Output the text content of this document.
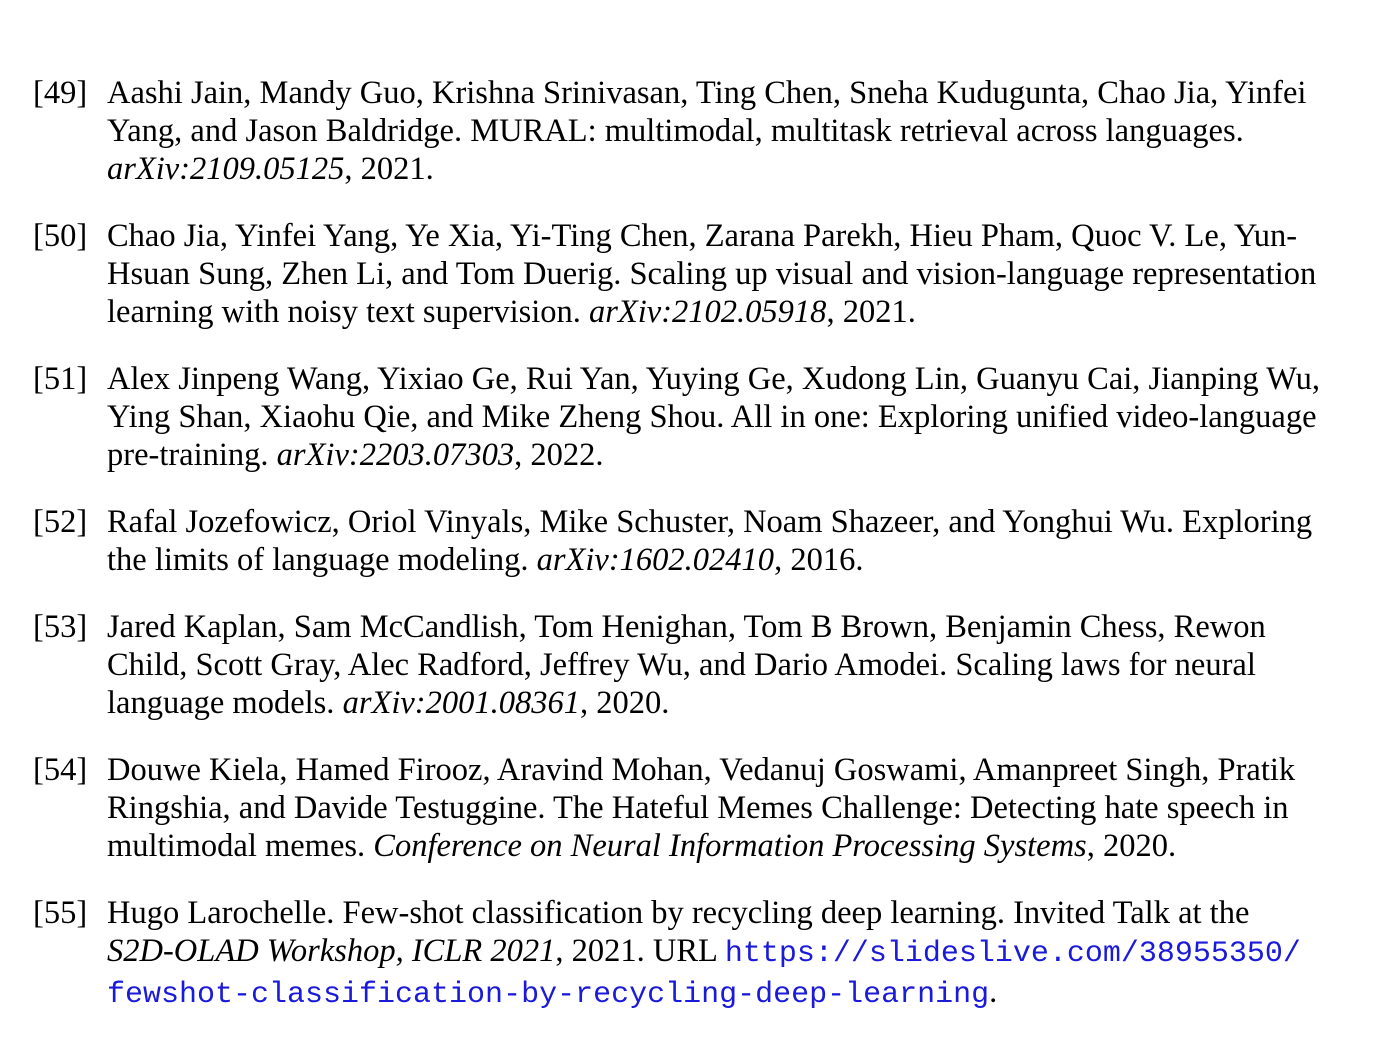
[49] Aashi Jain, Mandy Guo, Krishna Srinivasan, Ting Chen, Sneha Kudugunta, Chao Jia, Yinfei
Yang, and Jason Baldridge. MURAL: multimodal, multitask retrieval across languages.
arXiv:2109.05125, 2021.
[50] Chao Jia, Yinfei Yang, Ye Xia, Yi-Ting Chen, Zarana Parekh, Hieu Pham, Quoc V. Le, Yun-
Hsuan Sung, Zhen Li, and Tom Duerig. Scaling up visual and vision-language representation
learning with noisy text supervision. arXiv:2102.05918, 2021.
[51] Alex Jinpeng Wang, Yixiao Ge, Rui Yan, Yuying Ge, Xudong Lin, Guanyu Cai, Jianping Wu,
Ying Shan, Xiaohu Qie, and Mike Zheng Shou. All in one: Exploring unified video-language
pre-training. arXiv:2203.07303, 2022.
[52] Rafal Jozefowicz, Oriol Vinyals, Mike Schuster, Noam Shazeer, and Yonghui Wu. Exploring
the limits of language modeling. arXiv:1602.02410, 2016.
[53] Jared Kaplan, Sam McCandlish, Tom Henighan, Tom B Brown, Benjamin Chess, Rewon
Child, Scott Gray, Alec Radford, Jeffrey Wu, and Dario Amodei. Scaling laws for neural
language models. arXiv:2001.08361, 2020.
[54] Douwe Kiela, Hamed Firooz, Aravind Mohan, Vedanuj Goswami, Amanpreet Singh, Pratik
Ringshia, and Davide Testuggine. The Hateful Memes Challenge: Detecting hate speech in
multimodal memes. Conference on Neural Information Processing Systems, 2020.
[55] Hugo Larochelle. Few-shot classification by recycling deep learning. Invited Talk at the
S2D-OLAD Workshop, ICLR 2021, 2021. URL https://slideslive.com/38955350/
fewshot-classification-by-recycling-deep-learning.
